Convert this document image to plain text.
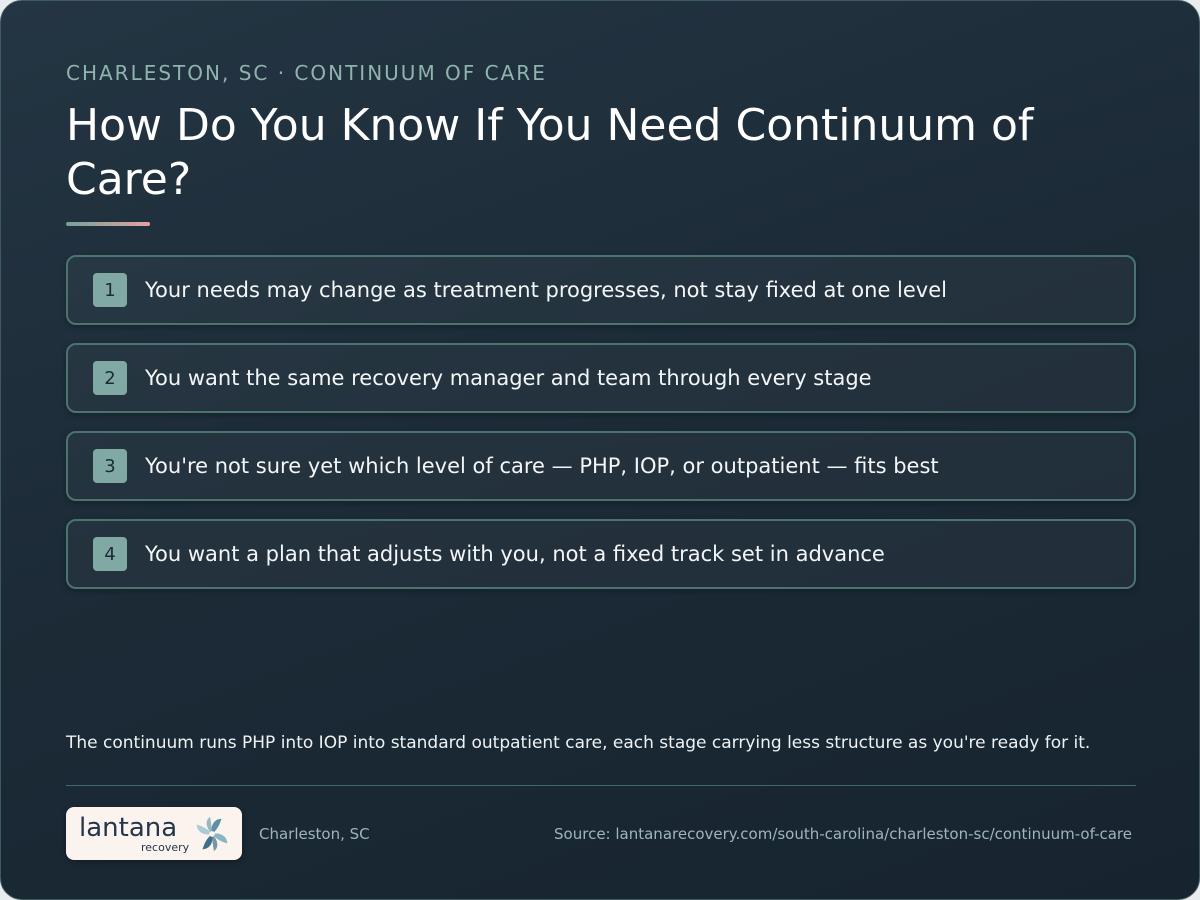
CHARLESTON, SC · CONTINUUM OF CARE
How Do You Know If You Need Continuum of Care?
1	Your needs may change as treatment progresses, not stay fixed at one level
2	You want the same recovery manager and team through every stage
3	You're not sure yet which level of care — PHP, IOP, or outpatient — fits best
4	You want a plan that adjusts with you, not a fixed track set in advance
The continuum runs PHP into IOP into standard outpatient care, each stage carrying less structure as you're ready for it.
lantana
recovery
Charleston, SC	Source: lantanarecovery.com/south-carolina/charleston-sc/continuum-of-care
